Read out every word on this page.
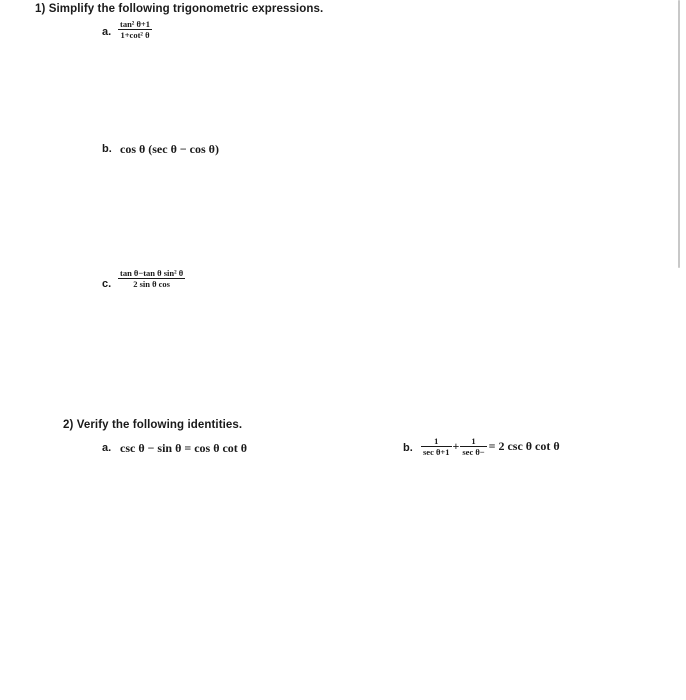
1) Simplify the following trigonometric expressions.
a. $\frac{\text{tan² θ+1}}{\text{1+cot² θ}}$
b. cos θ (sec θ − cos θ)
c. $\frac{\text{tan θ−tan θ sin² θ}}{\text{2 sin θ cos}}$
2) Verify the following identities.
a. csc θ − sin θ = cos θ cot θ	b. $\frac{1}{\text{sec θ+1}} + \frac{1}{\text{sec θ−}} = 2$ csc θ cot θ
